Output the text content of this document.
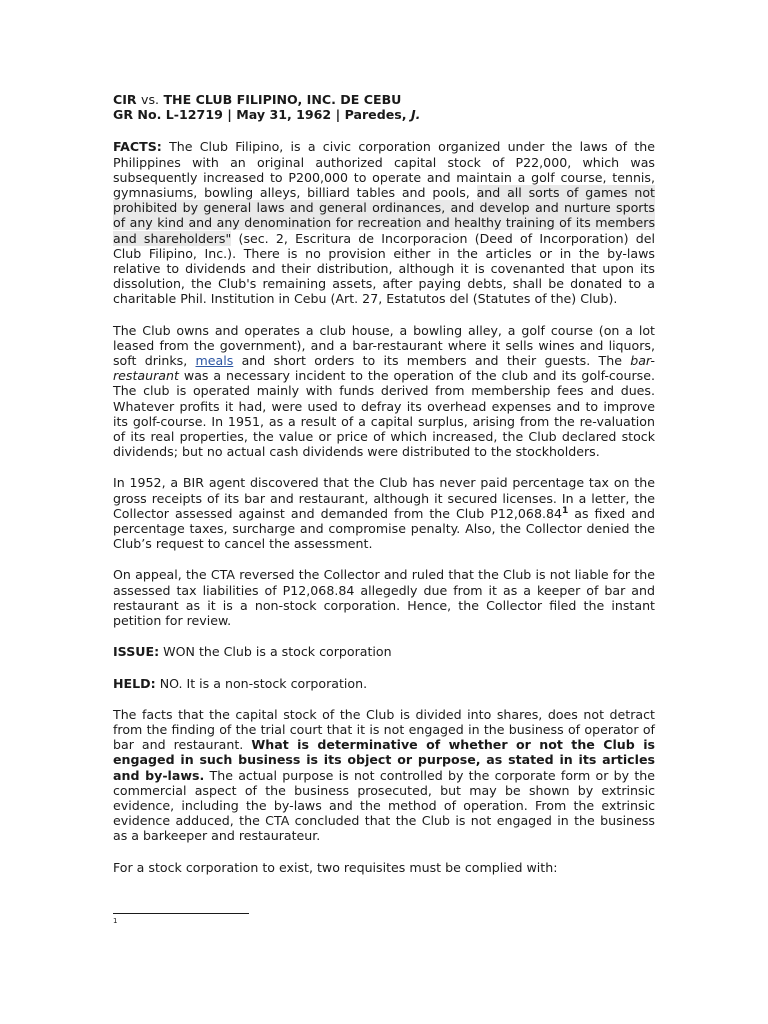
CIR vs. THE CLUB FILIPINO, INC. DE CEBU

GR No. L-12719 | May 31, 1962 | Paredes, J.

FACTS: The Club Filipino, is a civic corporation organized under the laws of the Philippines with an original authorized capital stock of P22,000, which was subsequently increased to P200,000 to operate and maintain a golf course, tennis, gymnasiums, bowling alleys, billiard tables and pools, and all sorts of games not prohibited by general laws and general ordinances, and develop and nurture sports of any kind and any denomination for recreation and healthy training of its members and shareholders" (sec. 2, Escritura de Incorporacion (Deed of Incorporation) del Club Filipino, Inc.). There is no provision either in the articles or in the by-laws relative to dividends and their distribution, although it is covenanted that upon its dissolution, the Club's remaining assets, after paying debts, shall be donated to a charitable Phil. Institution in Cebu (Art. 27, Estatutos del (Statutes of the) Club).

The Club owns and operates a club house, a bowling alley, a golf course (on a lot leased from the government), and a bar-restaurant where it sells wines and liquors, soft drinks, meals and short orders to its members and their guests. The bar-restaurant was a necessary incident to the operation of the club and its golf-course. The club is operated mainly with funds derived from membership fees and dues. Whatever profits it had, were used to defray its overhead expenses and to improve its golf-course. In 1951, as a result of a capital surplus, arising from the re-valuation of its real properties, the value or price of which increased, the Club declared stock dividends; but no actual cash dividends were distributed to the stockholders.

In 1952, a BIR agent discovered that the Club has never paid percentage tax on the gross receipts of its bar and restaurant, although it secured licenses. In a letter, the Collector assessed against and demanded from the Club P12,068.84$^1$ as fixed and percentage taxes, surcharge and compromise penalty. Also, the Collector denied the Club’s request to cancel the assessment.

On appeal, the CTA reversed the Collector and ruled that the Club is not liable for the assessed tax liabilities of P12,068.84 allegedly due from it as a keeper of bar and restaurant as it is a non-stock corporation. Hence, the Collector filed the instant petition for review.

ISSUE: WON the Club is a stock corporation

HELD: NO. It is a non-stock corporation.

The facts that the capital stock of the Club is divided into shares, does not detract from the finding of the trial court that it is not engaged in the business of operator of bar and restaurant. What is determinative of whether or not the Club is engaged in such business is its object or purpose, as stated in its articles and by-laws. The actual purpose is not controlled by the corporate form or by the commercial aspect of the business prosecuted, but may be shown by extrinsic evidence, including the by-laws and the method of operation. From the extrinsic evidence adduced, the CTA concluded that the Club is not engaged in the business as a barkeeper and restaurateur.

For a stock corporation to exist, two requisites must be complied with:

1
